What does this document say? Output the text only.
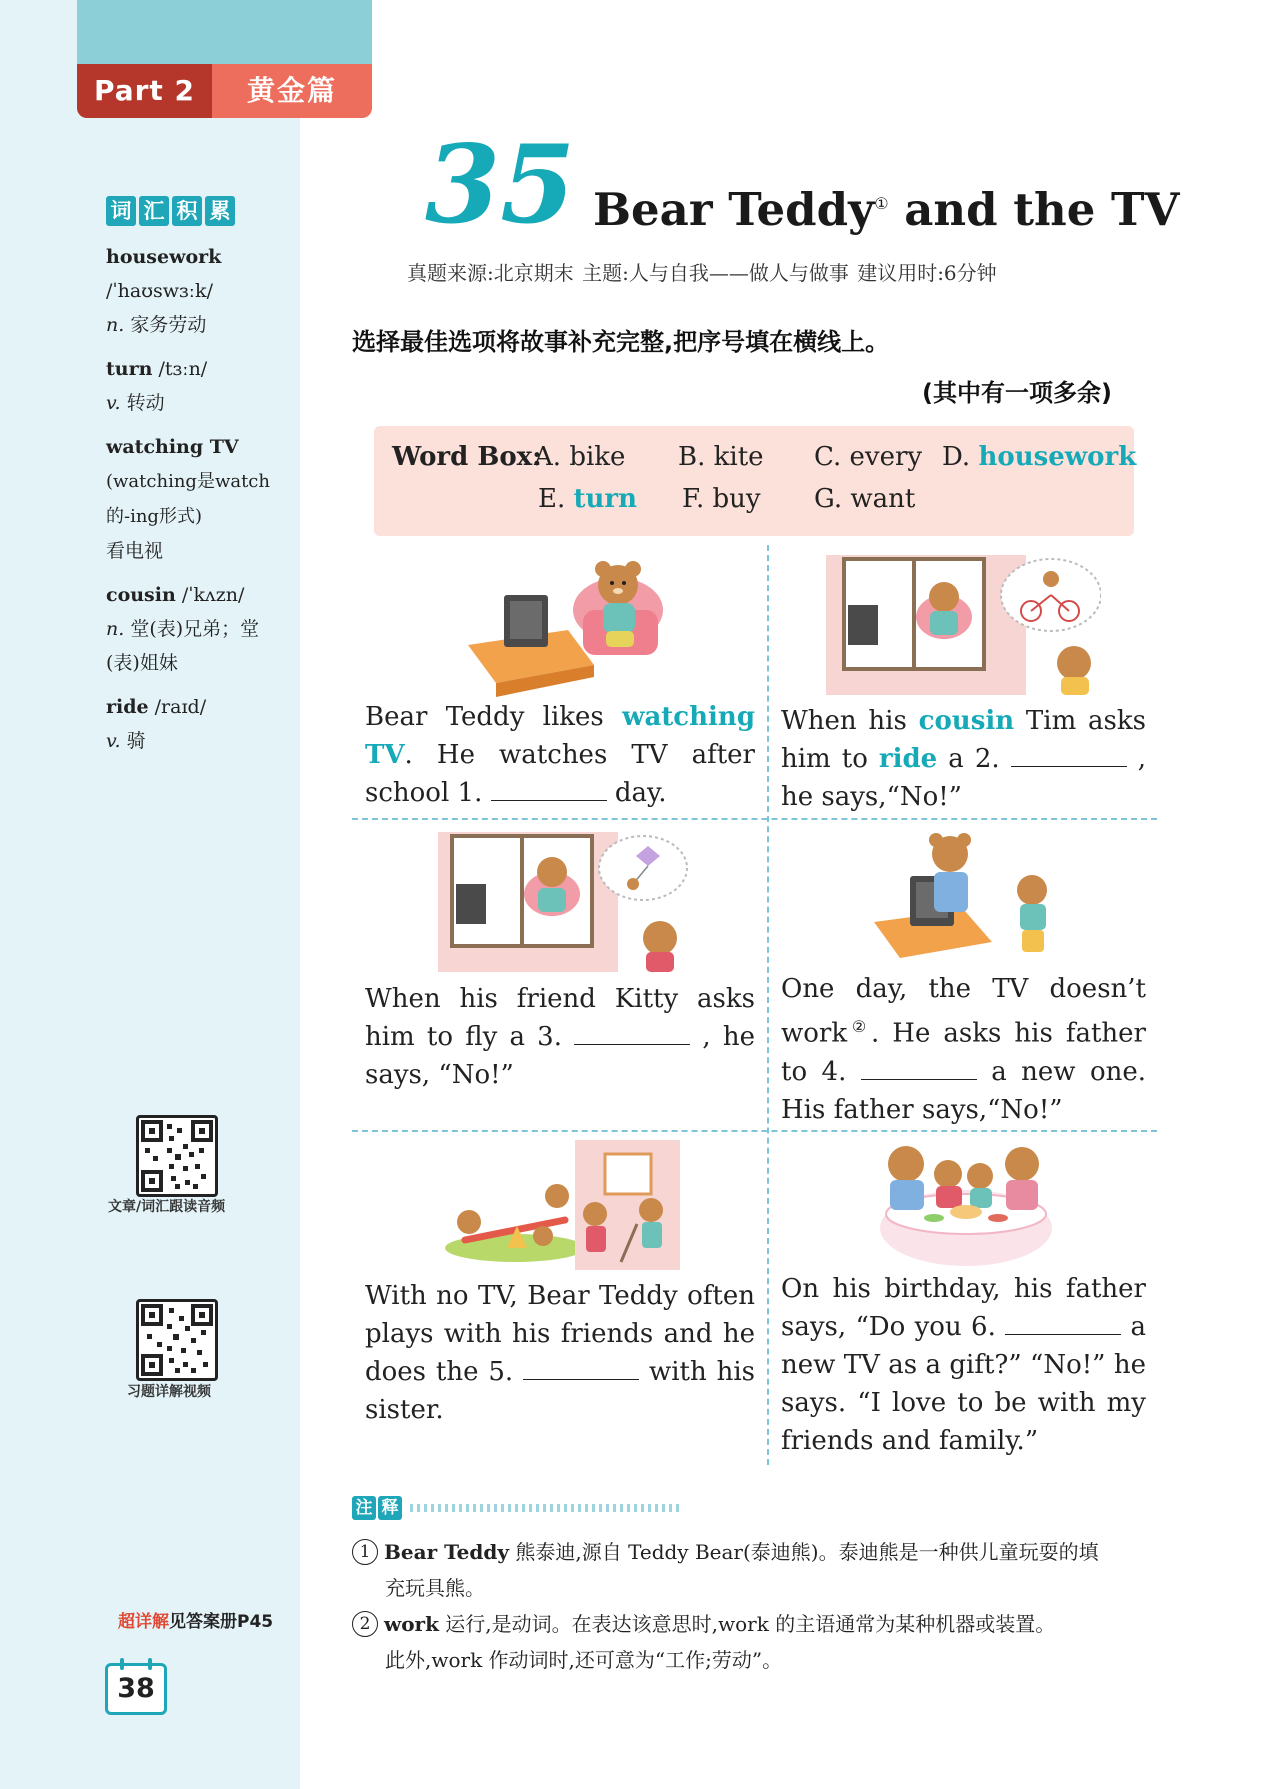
Part 2	黄金篇
词 汇 积 累
housework
/ˈhaʊswɜːk/
n. 家务劳动
turn /tɜːn/
v. 转动
watching TV
(watching是watch的-ing形式)
看电视
cousin /ˈkʌzn/
n. 堂(表)兄弟；堂(表)姐妹
ride /raɪd/
v. 骑
文章/词汇跟读音频
习题详解视频
超详解见答案册P45
38
35 Bear Teddy① and the TV
真题来源:北京期末 主题:人与自我——做人与做事 建议用时:6分钟
选择最佳选项将故事补充完整,把序号填在横线上。
(其中有一项多余)
Word Box:
A. bike B. kite C. every D. housework
E. turn F. buy G. want
Bear Teddy likes watching TV. He watches TV after school 1.	day.
When his cousin Tim asks him to ride a 2.	, he says,“No!”
When his friend Kitty asks him to fly a 3.	, he says, “No!”
One day, the TV doesn’t work②. He asks his father to 4.	a new one. His father says,“No!”
With no TV, Bear Teddy often plays with his friends and he does the 5.	with his sister.
On his birthday, his father says, “Do you 6.	a new TV as a gift?” “No!” he says. “I love to be with my friends and family.”
注 释
1 Bear Teddy 熊泰迪,源自 Teddy Bear(泰迪熊)。泰迪熊是一种供儿童玩耍的填
充玩具熊。
2 work 运行,是动词。在表达该意思时,work 的主语通常为某种机器或装置。
此外,work 作动词时,还可意为“工作;劳动”。
